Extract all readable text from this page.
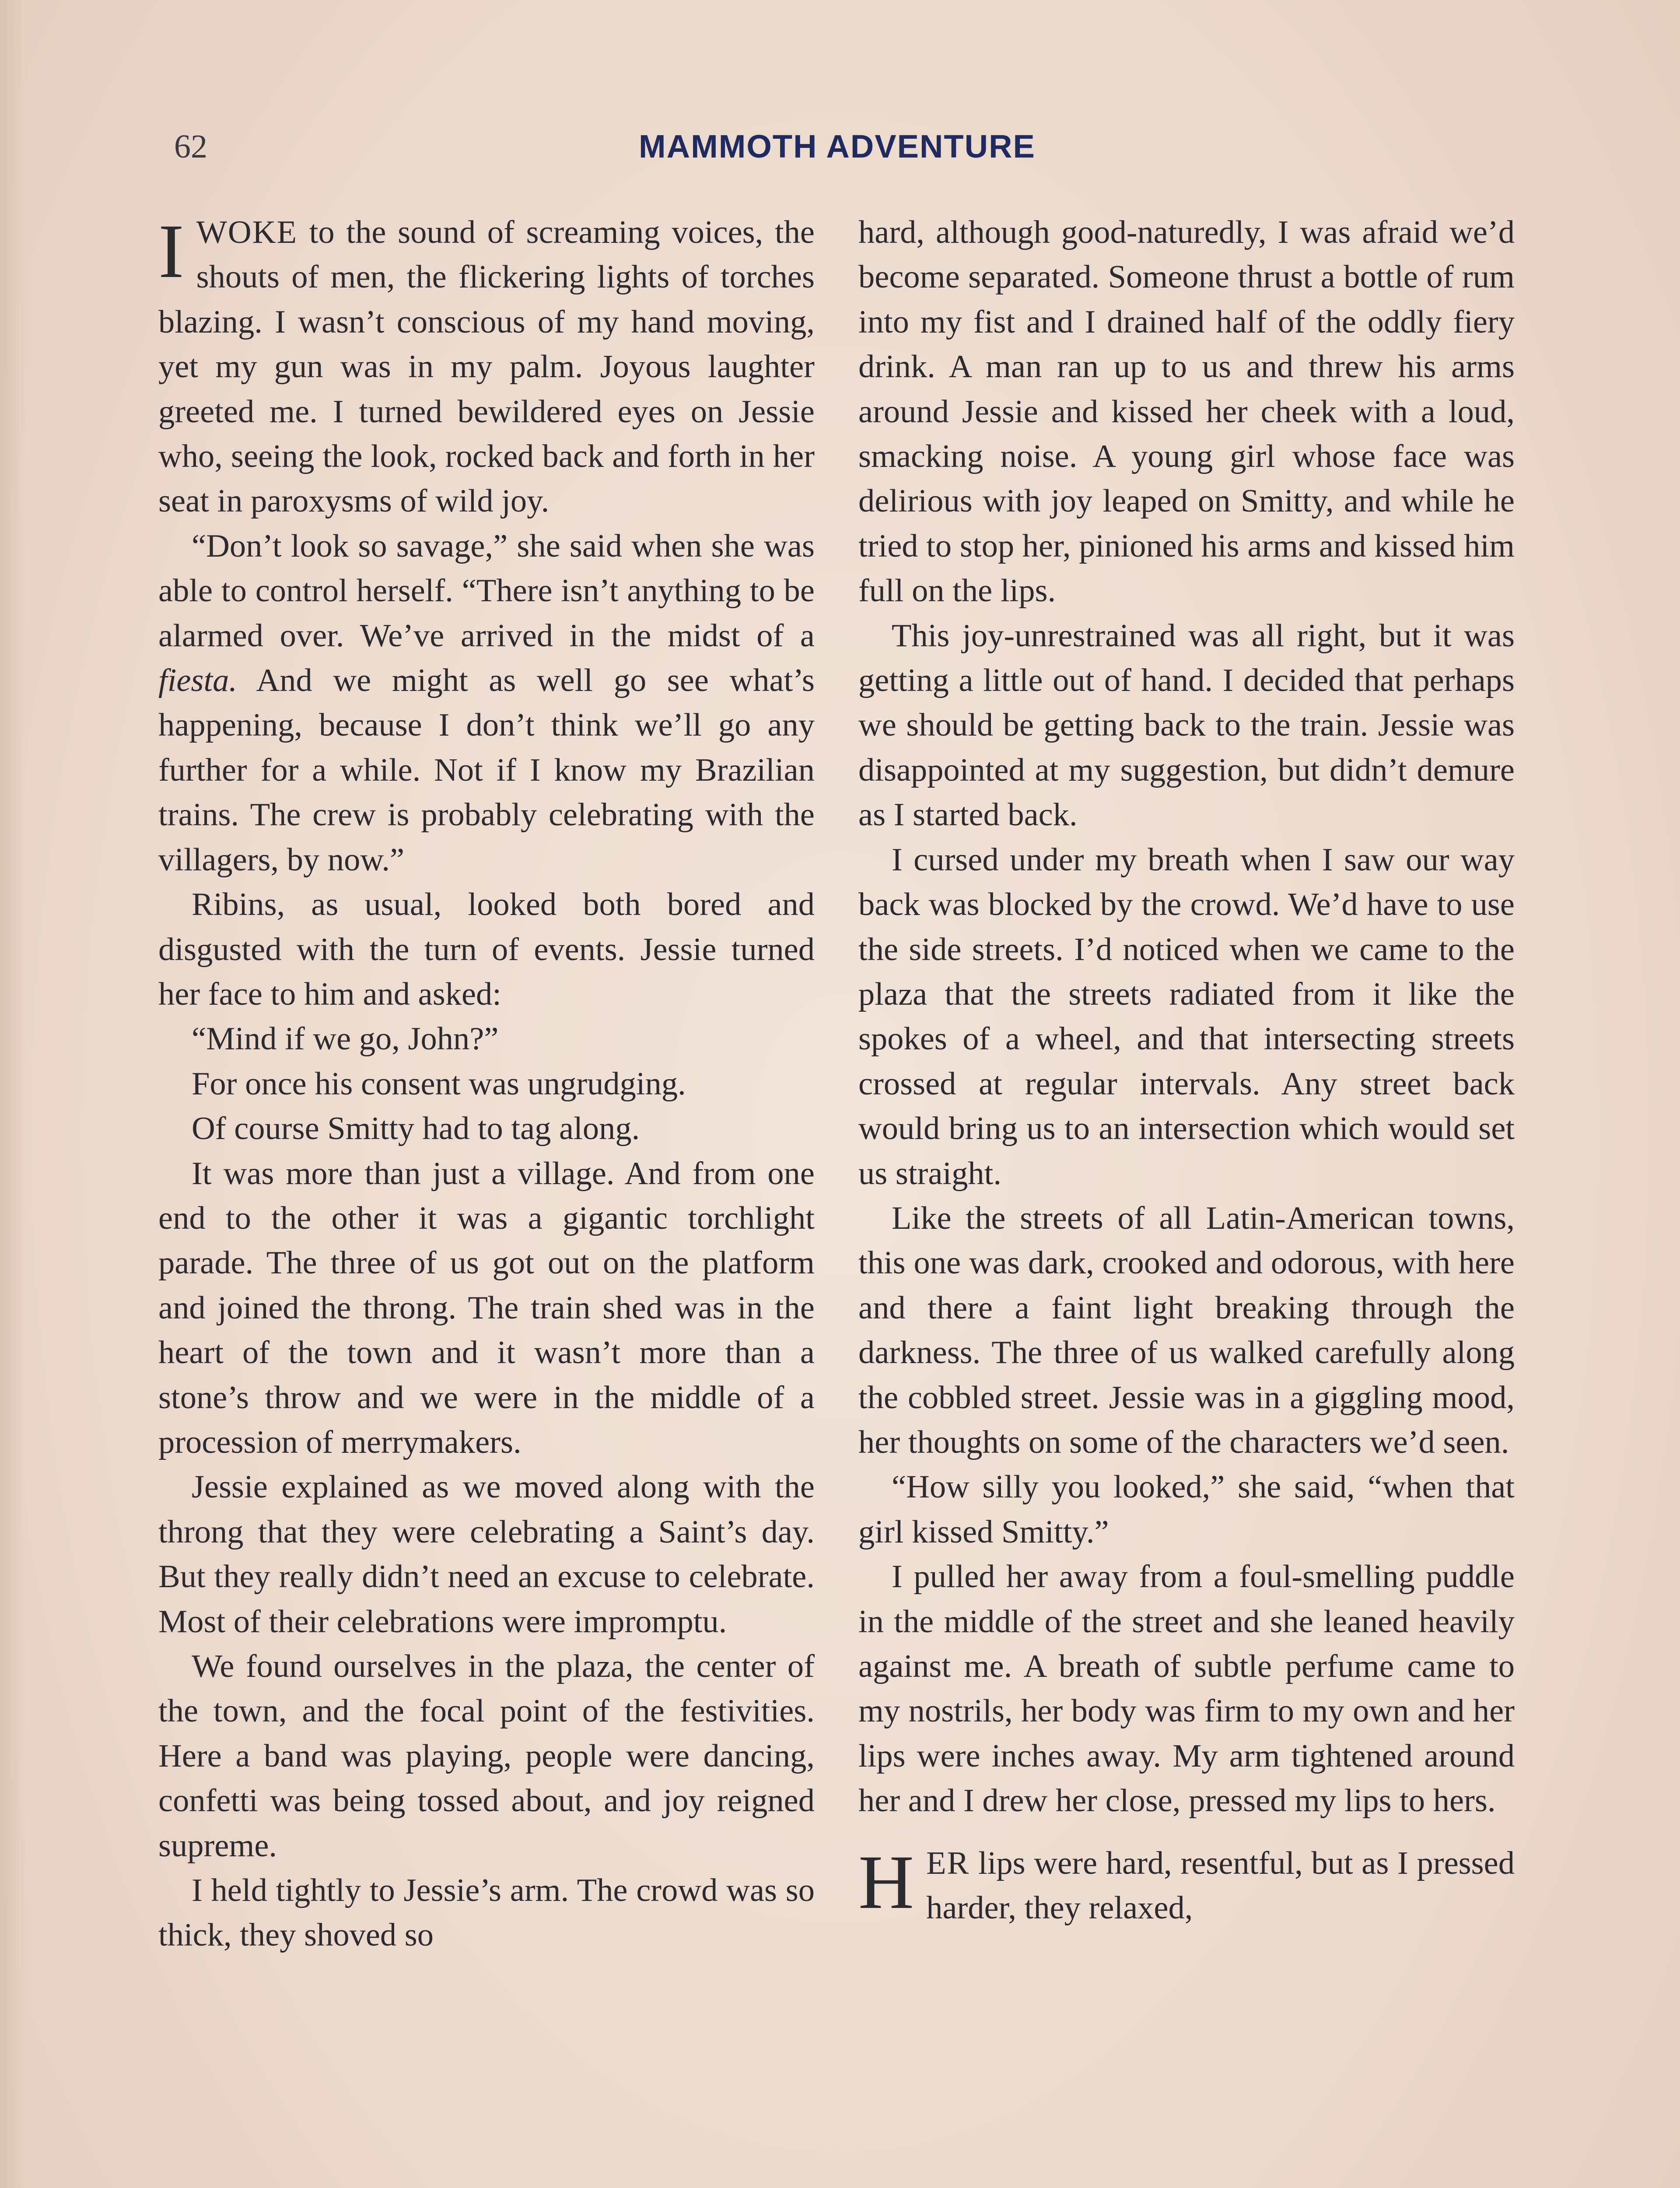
62	MAMMOTH ADVENTURE

IWOKE to the sound of screaming voices, the shouts of men, the flickering lights of torches blazing. I wasn’t conscious of my hand moving, yet my gun was in my palm. Joyous laughter greeted me. I turned bewildered eyes on Jessie who, seeing the look, rocked back and forth in her seat in paroxysms of wild joy.

“Don’t look so savage,” she said when she was able to control herself. “There isn’t anything to be alarmed over. We’ve arrived in the midst of a fiesta. And we might as well go see what’s happening, because I don’t think we’ll go any further for a while. Not if I know my Brazilian trains. The crew is probably celebrating with the villagers, by now.”

Ribins, as usual, looked both bored and disgusted with the turn of events. Jessie turned her face to him and asked:

“Mind if we go, John?”

For once his consent was ungrudging.

Of course Smitty had to tag along.

It was more than just a village. And from one end to the other it was a gigantic torchlight parade. The three of us got out on the platform and joined the throng. The train shed was in the heart of the town and it wasn’t more than a stone’s throw and we were in the middle of a procession of merrymakers.

Jessie explained as we moved along with the throng that they were celebrating a Saint’s day. But they really didn’t need an excuse to celebrate. Most of their celebrations were impromptu.

We found ourselves in the plaza, the center of the town, and the focal point of the festivities. Here a band was playing, people were dancing, confetti was being tossed about, and joy reigned supreme.

I held tightly to Jessie’s arm. The crowd was so thick, they shoved so

hard, although good-naturedly, I was afraid we’d become separated. Someone thrust a bottle of rum into my fist and I drained half of the oddly fiery drink. A man ran up to us and threw his arms around Jessie and kissed her cheek with a loud, smacking noise. A young girl whose face was delirious with joy leaped on Smitty, and while he tried to stop her, pinioned his arms and kissed him full on the lips.

This joy-unrestrained was all right, but it was getting a little out of hand. I decided that perhaps we should be getting back to the train. Jessie was disappointed at my suggestion, but didn’t demure as I started back.

I cursed under my breath when I saw our way back was blocked by the crowd. We’d have to use the side streets. I’d noticed when we came to the plaza that the streets radiated from it like the spokes of a wheel, and that intersecting streets crossed at regular intervals. Any street back would bring us to an intersection which would set us straight.

Like the streets of all Latin-American towns, this one was dark, crooked and odorous, with here and there a faint light breaking through the darkness. The three of us walked carefully along the cobbled street. Jessie was in a giggling mood, her thoughts on some of the characters we’d seen.

“How silly you looked,” she said, “when that girl kissed Smitty.”

I pulled her away from a foul-smelling puddle in the middle of the street and she leaned heavily against me. A breath of subtle perfume came to my nostrils, her body was firm to my own and her lips were inches away. My arm tightened around her and I drew her close, pressed my lips to hers.

HER lips were hard, resentful, but as I pressed harder, they relaxed,
